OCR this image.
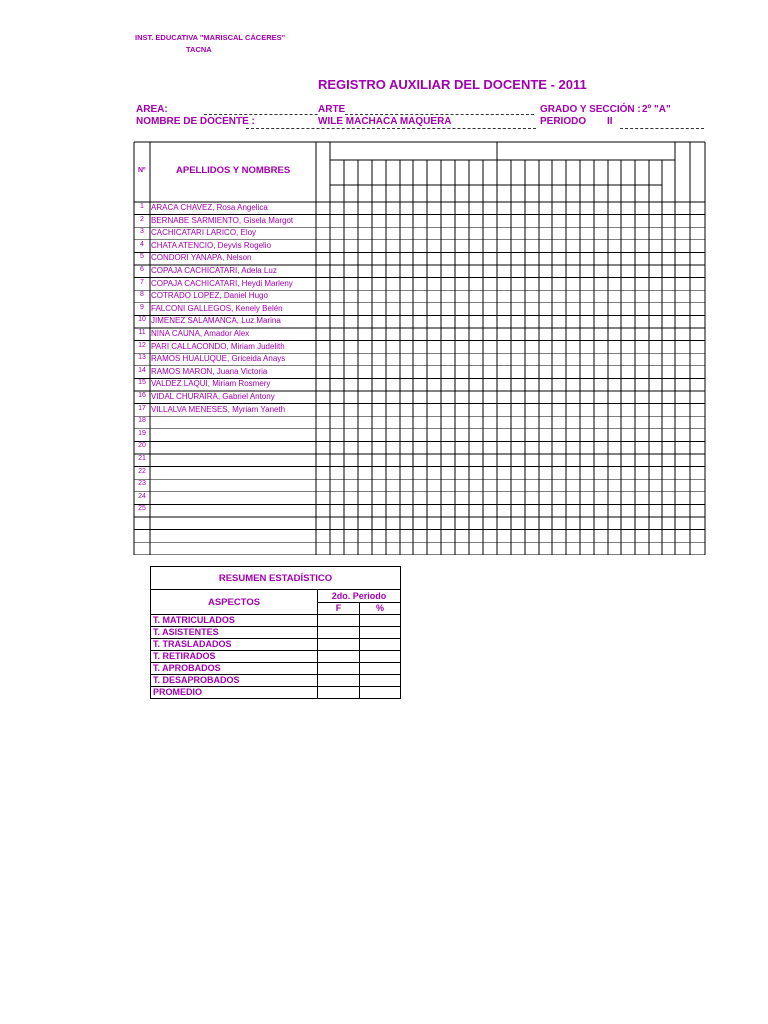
INST. EDUCATIVA "MARISCAL CÁCERES"
TACNA
REGISTRO AUXILIAR DEL DOCENTE - 2011
AREA:	ARTE	GRADO Y SECCIÓN : 2º "A"
NOMBRE DE DOCENTE :	WILE MACHACA MAQUERA	PERIODO II
Nº	APELLIDOS Y NOMBRES
1 ARACA CHAVEZ, Rosa Angelica
2 BERNABE SARMIENTO, Gisela Margot
3 CACHICATARI LARICO, Eloy
4 CHATA ATENCIO, Deyvis Rogelio
5 CONDORI YANAPA, Nelson
6 COPAJA CACHICATARI, Adela Luz
7 COPAJA CACHICATARI, Heydi Marleny
8 COTRADO LOPEZ, Daniel Hugo
9 FALCONI GALLEGOS, Kenely Belén
10 JIMENEZ SALAMANCA, Luz Marina
11 NINA CAUNA, Amador Alex
12 PARI CALLACONDO, Miriam Judelith
13 RAMOS HUALUQUE, Griceida Anays
14 RAMOS MARON, Juana Victoria
15 VALDEZ LAQUI, Miriam Rosmery
16 VIDAL CHURAIRA, Gabriel Antony
17 VILLALVA MENESES, Myriam Yaneth
18
19
20
21
22
23
24
25
RESUMEN ESTADÍSTICO		
ASPECTOS	2do. Periodo	
	F	%
T. MATRICULADOS		
T. ASISTENTES		
T. TRASLADADOS		
T. RETIRADOS		
T. APROBADOS		
T. DESAPROBADOS		
PROMEDIO		
